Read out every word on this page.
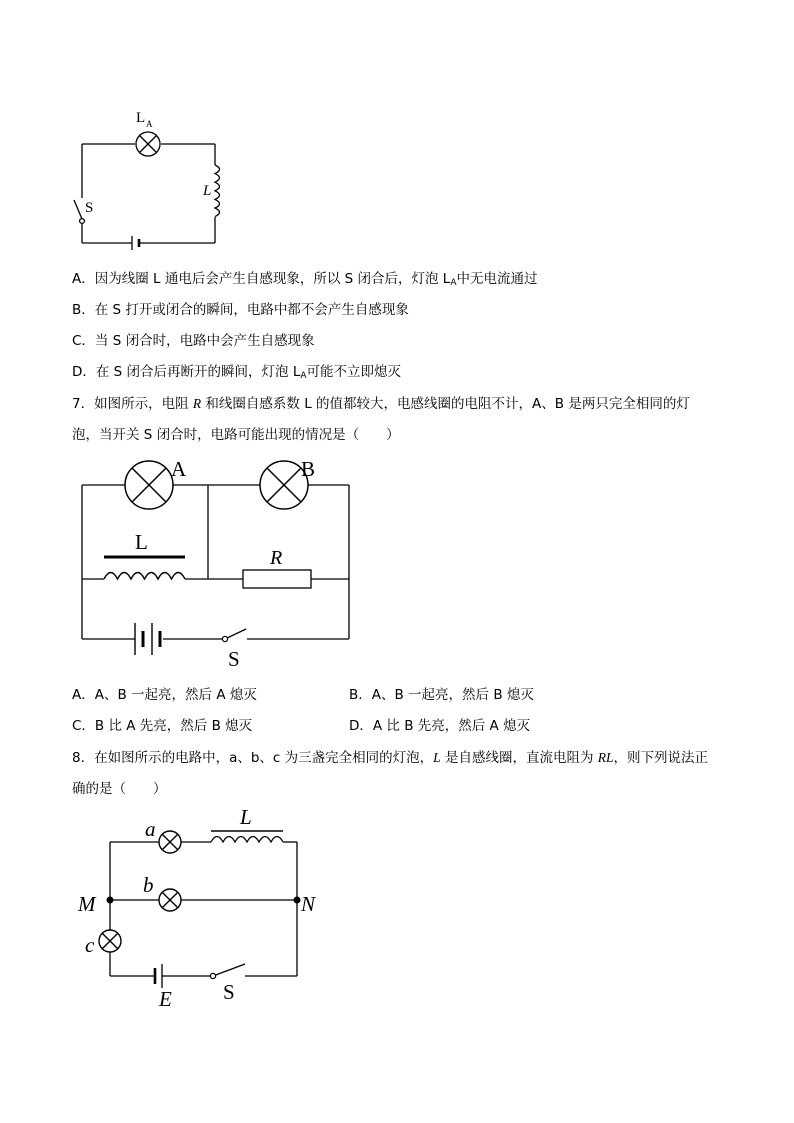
L A
L
S
A．因为线圈 L 通电后会产生自感现象，所以 S 闭合后，灯泡 $L_A$中无电流通过
B．在 S 打开或闭合的瞬间，电路中都不会产生自感现象
C．当 S 闭合时，电路中会产生自感现象
D．在 S 闭合后再断开的瞬间，灯泡 $L_A$可能不立即熄灭
7．如图所示，电阻 R 和线圈自感系数 L 的值都较大，电感线圈的电阻不计，A、B 是两只完全相同的灯
泡，当开关 S 闭合时，电路可能出现的情况是（　　）
A	B
L
R
S
A．A、B 一起亮，然后 A 熄灭	B．A、B 一起亮，然后 B 熄灭
C．B 比 A 先亮，然后 B 熄灭	D．A 比 B 先亮，然后 A 熄灭
8．在如图所示的电路中，a、b、c 为三盏完全相同的灯泡，L 是自感线圈，直流电阻为 RL，则下列说法正
确的是（　　）
a	L
b
M	N
c
E S
